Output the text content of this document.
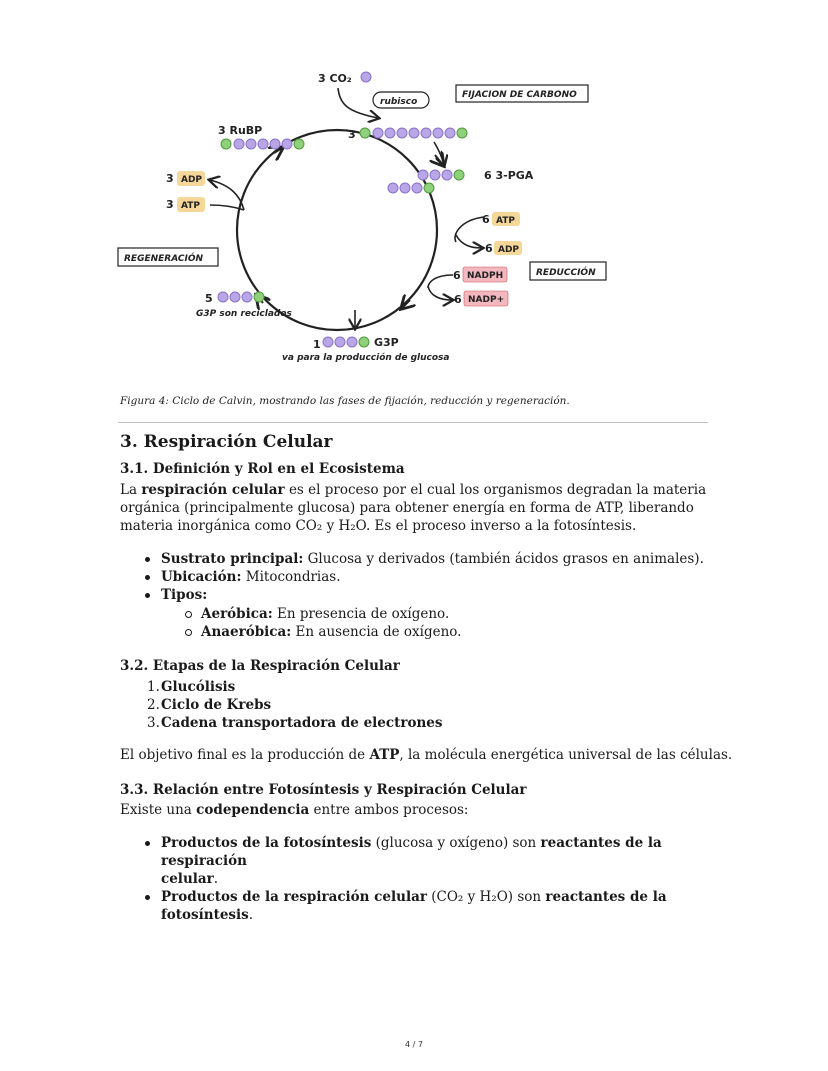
3 CO₂
rubisco
FIJACION DE CARBONO
3
6 3-PGA
6 ATP
6 ADP
6 NADPH	REDUCCIÓN
6 NADP+
3 RuBP
3 ADP
3 ATP
REGENERACIÓN
5
G3P son reciclados
1	G3P
va para la producción de glucosa
Figura 4: Ciclo de Calvin, mostrando las fases de fijación, reducción y regeneración.
3. Respiración Celular
3.1. Definición y Rol en el Ecosistema

La respiración celular es el proceso por el cual los organismos degradan la materia
orgánica (principalmente glucosa) para obtener energía en forma de ATP, liberando
materia inorgánica como CO₂ y H₂O. Es el proceso inverso a la fotosíntesis.

Sustrato principal: Glucosa y derivados (también ácidos grasos en animales).
Ubicación: Mitocondrias.
Tipos:
Aeróbica: En presencia de oxígeno.
Anaeróbica: En ausencia de oxígeno.
3.2. Etapas de la Respiración Celular
1. Glucólisis
2. Ciclo de Krebs
3. Cadena transportadora de electrones

El objetivo final es la producción de ATP, la molécula energética universal de las células.

3.3. Relación entre Fotosíntesis y Respiración Celular

Existe una codependencia entre ambos procesos:

Productos de la fotosíntesis (glucosa y oxígeno) son reactantes de la respiración
celular.
Productos de la respiración celular (CO₂ y H₂O) son reactantes de la fotosíntesis.
4 / 7
